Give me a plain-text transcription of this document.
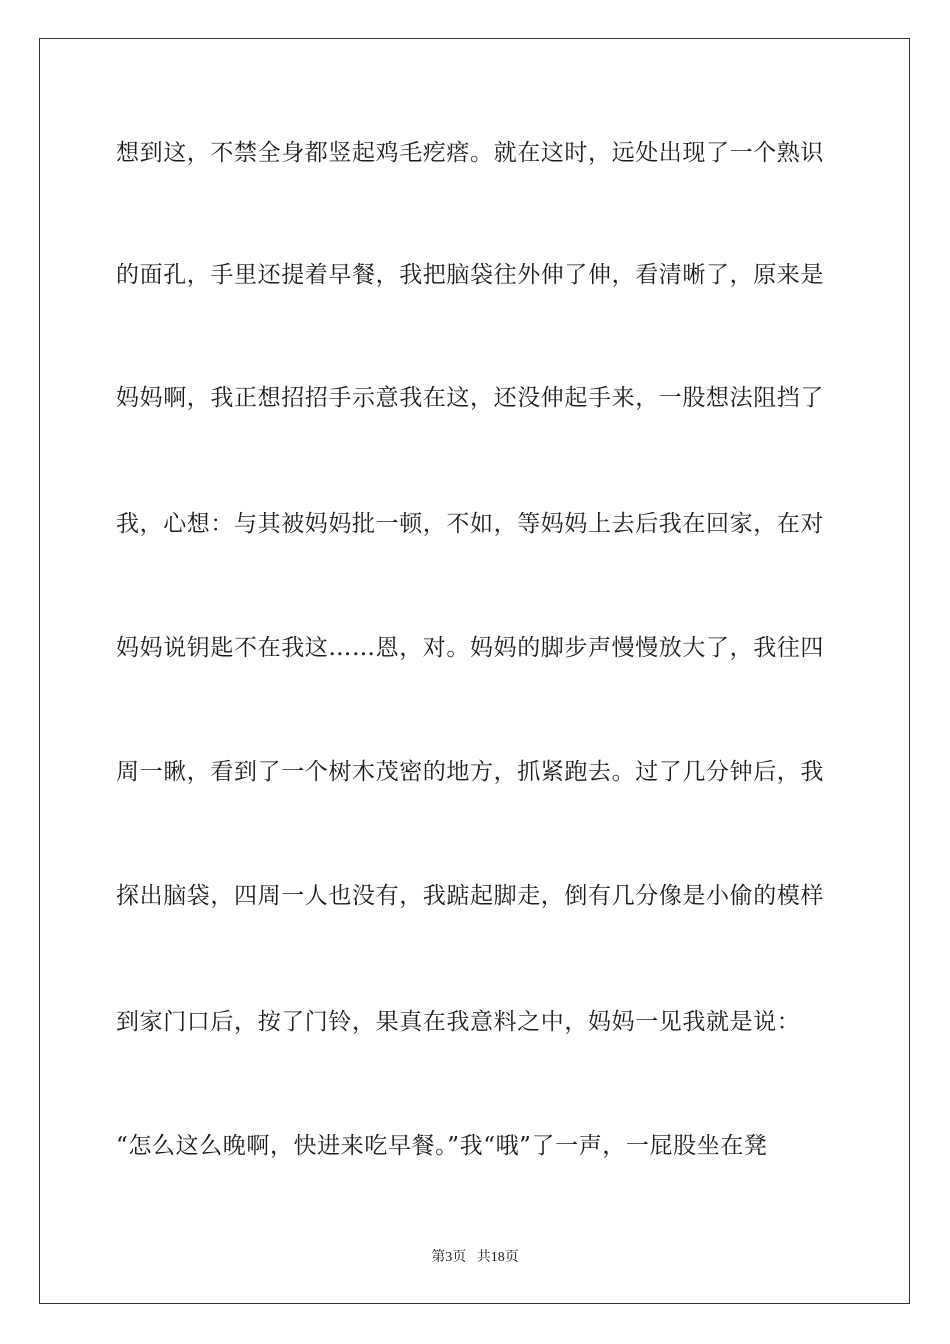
想到这，不禁全身都竖起鸡毛疙瘩。就在这时，远处出现了一个熟识
的面孔，手里还提着早餐，我把脑袋往外伸了伸，看清晰了，原来是
妈妈啊，我正想招招手示意我在这，还没伸起手来，一股想法阻挡了
我，心想：与其被妈妈批一顿，不如，等妈妈上去后我在回家，在对
妈妈说钥匙不在我这……恩，对。妈妈的脚步声慢慢放大了，我往四
周一瞅，看到了一个树木茂密的地方，抓紧跑去。过了几分钟后，我
探出脑袋，四周一人也没有，我踮起脚走，倒有几分像是小偷的模样
到家门口后，按了门铃，果真在我意料之中，妈妈一见我就是说：
“怎么这么晚啊，快进来吃早餐。”我“哦”了一声，一屁股坐在凳
第3页 共18页
